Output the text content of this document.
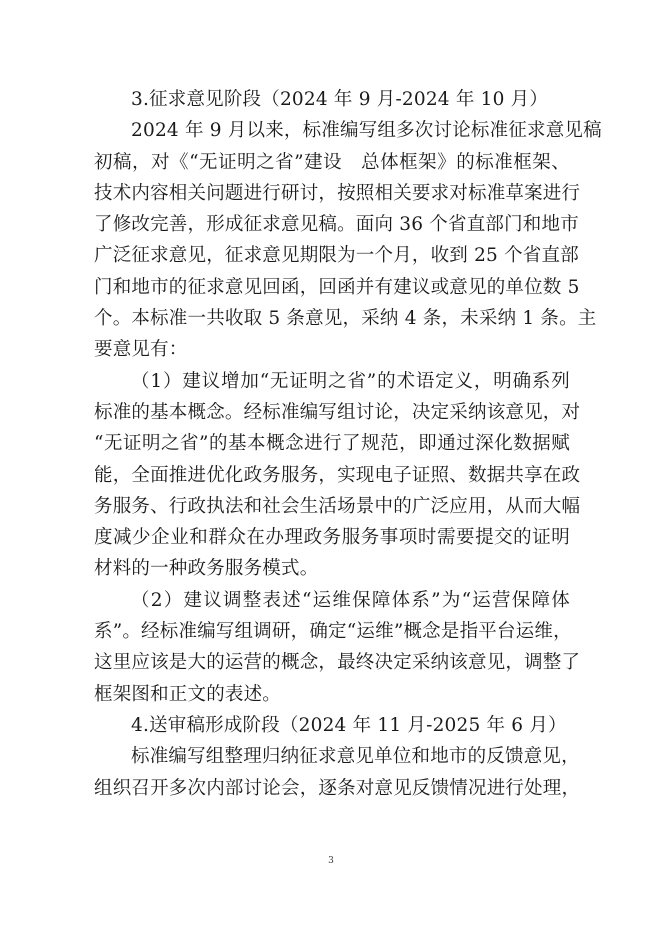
3.征求意见阶段（2024 年 9 月-2024 年 10 月）
2024 年 9 月以来，标准编写组多次讨论标准征求意见稿
初稿，对《“无证明之省”建设　总体框架》的标准框架、
技术内容相关问题进行研讨，按照相关要求对标准草案进行
了修改完善，形成征求意见稿。面向 36 个省直部门和地市
广泛征求意见，征求意见期限为一个月，收到 25 个省直部
门和地市的征求意见回函，回函并有建议或意见的单位数 5
个。本标准一共收取 5 条意见，采纳 4 条，未采纳 1 条。主
要意见有：
（1）建议增加“无证明之省”的术语定义，明确系列
标准的基本概念。经标准编写组讨论，决定采纳该意见，对
“无证明之省”的基本概念进行了规范，即通过深化数据赋
能，全面推进优化政务服务，实现电子证照、数据共享在政
务服务、行政执法和社会生活场景中的广泛应用，从而大幅
度减少企业和群众在办理政务服务事项时需要提交的证明
材料的一种政务服务模式。
（2）建议调整表述“运维保障体系”为“运营保障体
系”。经标准编写组调研，确定“运维”概念是指平台运维，
这里应该是大的运营的概念，最终决定采纳该意见，调整了
框架图和正文的表述。
4.送审稿形成阶段（2024 年 11 月-2025 年 6 月）
标准编写组整理归纳征求意见单位和地市的反馈意见，
组织召开多次内部讨论会，逐条对意见反馈情况进行处理，
3
